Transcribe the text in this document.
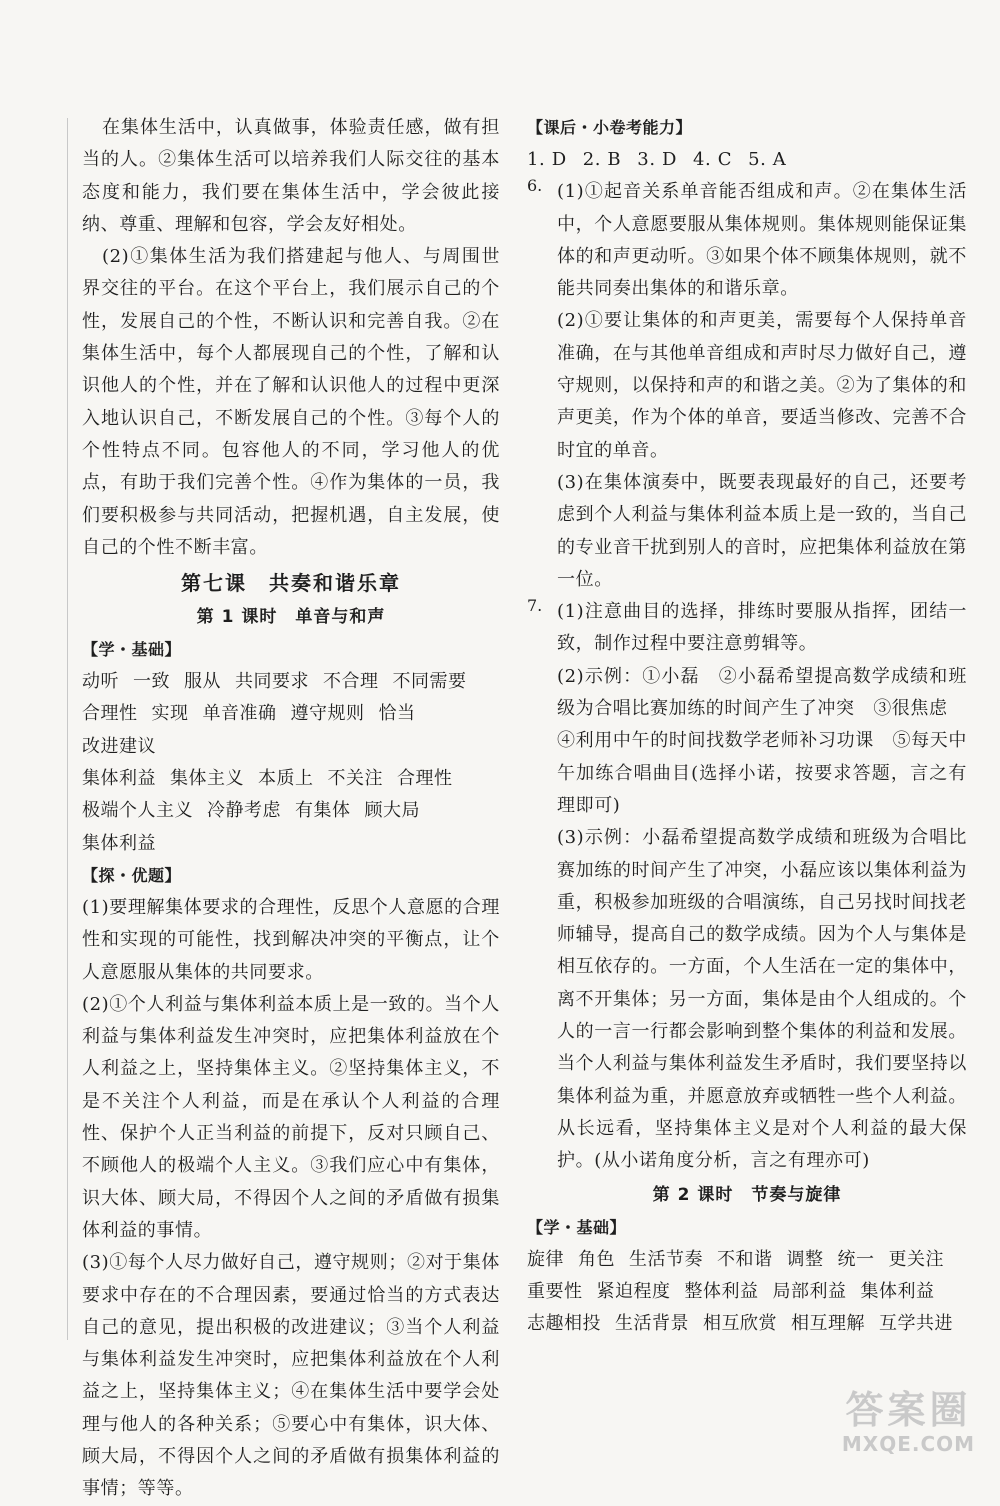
在集体生活中，认真做事，体验责任感，做有担当的人。②集体生活可以培养我们人际交往的基本态度和能力，我们要在集体生活中，学会彼此接纳、尊重、理解和包容，学会友好相处。

(2)①集体生活为我们搭建起与他人、与周围世界交往的平台。在这个平台上，我们展示自己的个性，发展自己的个性，不断认识和完善自我。②在集体生活中，每个人都展现自己的个性，了解和认识他人的个性，并在了解和认识他人的过程中更深入地认识自己，不断发展自己的个性。③每个人的个性特点不同。包容他人的不同，学习他人的优点，有助于我们完善个性。④作为集体的一员，我们要积极参与共同活动，把握机遇，自主发展，使自己的个性不断丰富。

第七课　共奏和谐乐章
第 1 课时　单音与和声
【学・基础】
动听 一致 服从 共同要求 不合理 不同需要
合理性 实现 单音准确 遵守规则 恰当改进建议
集体利益 集体主义 本质上 不关注 合理性
极端个人主义 冷静考虑 有集体 顾大局集体利益
【探・优题】

(1)要理解集体要求的合理性，反思个人意愿的合理性和实现的可能性，找到解决冲突的平衡点，让个人意愿服从集体的共同要求。

(2)①个人利益与集体利益本质上是一致的。当个人利益与集体利益发生冲突时，应把集体利益放在个人利益之上，坚持集体主义。②坚持集体主义，不是不关注个人利益，而是在承认个人利益的合理性、保护个人正当利益的前提下，反对只顾自己、不顾他人的极端个人主义。③我们应心中有集体，识大体、顾大局，不得因个人之间的矛盾做有损集体利益的事情。

(3)①每个人尽力做好自己，遵守规则；②对于集体要求中存在的不合理因素，要通过恰当的方式表达自己的意见，提出积极的改进建议；③当个人利益与集体利益发生冲突时，应把集体利益放在个人利益之上，坚持集体主义；④在集体生活中要学会处理与他人的各种关系；⑤要心中有集体，识大体、顾大局，不得因个人之间的矛盾做有损集体利益的事情；等等。

【课后・小卷考能力】

1. D 2. B 3. D 4. C 5. A

6. (1)①起音关系单音能否组成和声。②在集体生活中，个人意愿要服从集体规则。集体规则能保证集体的和声更动听。③如果个体不顾集体规则，就不能共同奏出集体的和谐乐章。

(2)①要让集体的和声更美，需要每个人保持单音准确，在与其他单音组成和声时尽力做好自己，遵守规则，以保持和声的和谐之美。②为了集体的和声更美，作为个体的单音，要适当修改、完善不合时宜的单音。

(3)在集体演奏中，既要表现最好的自己，还要考虑到个人利益与集体利益本质上是一致的，当自己的专业音干扰到别人的音时，应把集体利益放在第一位。

7. (1)注意曲目的选择，排练时要服从指挥，团结一致，制作过程中要注意剪辑等。

(2)示例：①小磊　②小磊希望提高数学成绩和班级为合唱比赛加练的时间产生了冲突　③很焦虑

④利用中午的时间找数学老师补习功课　⑤每天中午加练合唱曲目(选择小诺，按要求答题，言之有理即可)

(3)示例：小磊希望提高数学成绩和班级为合唱比赛加练的时间产生了冲突，小磊应该以集体利益为重，积极参加班级的合唱演练，自己另找时间找老师辅导，提高自己的数学成绩。因为个人与集体是相互依存的。一方面，个人生活在一定的集体中，离不开集体；另一方面，集体是由个人组成的。个人的一言一行都会影响到整个集体的利益和发展。当个人利益与集体利益发生矛盾时，我们要坚持以集体利益为重，并愿意放弃或牺牲一些个人利益。从长远看，坚持集体主义是对个人利益的最大保护。(从小诺角度分析，言之有理亦可)

第 2 课时　节奏与旋律
【学・基础】
旋律 角色 生活节奏 不和谐 调整 统一 更关注
重要性 紧迫程度 整体利益 局部利益 集体利益
志趣相投 生活背景 相互欣赏 相互理解 互学共进
答案圈
MXQE.COM
